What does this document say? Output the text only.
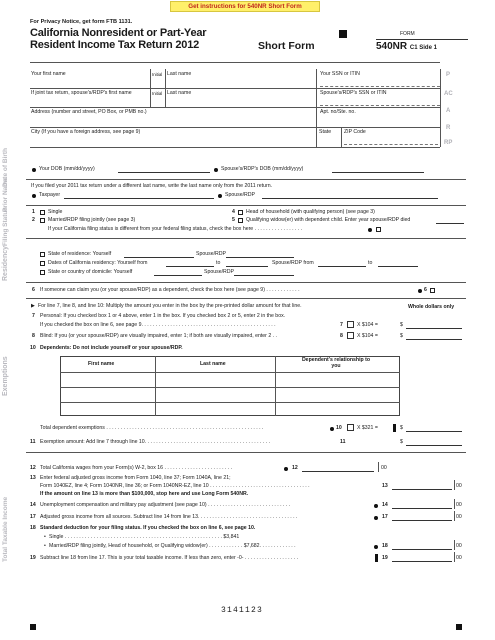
Get instructions for 540NR Short Form
For Privacy Notice, get form FTB 1131.
California Nonresident or Part-Year
Resident Income Tax Return 2012	Short Form
FORM
540NR C1 Side 1
Your first name	Initial Last name	Your SSN or ITIN
If joint tax return, spouse's/RDP's first name	Initial Last name	Spouse's/RDP's SSN or ITIN
Address (number and street, PO Box, or PMB no.)	Apt. no/Ste. no.
City (If you have a foreign address, see page 9)	State ZIP Code
P
AC
A
R
RP
Date of Birth	Your DOB (mm/dd/yyyy)	Spouse's/RDP's DOB (mm/dd/yyyy)
Prior Name	If you filed your 2011 tax return under a different last name, write the last name only from the 2011 return.
Taxpayer	Spouse/RDP
Filing Status	1	Single	4 Head of household (with qualifying person) (see page 3)
2	Married/RDP filing jointly (see page 3)	5 Qualifying widow(er) with dependent child. Enter year spouse/RDP died
If your California filing status is different from your federal filing status, check the box here . . . . . . . . . . . . . . . . .
Residency	State of residence: Yourself	Spouse/RDP
Dates of California residency: Yourself from	to	Spouse/RDP from	to
State or country of domicile: Yourself	Spouse/RDP
6 If someone can claim you (or your spouse/RDP) as a dependent, check the box here (see page 9) . . . . . . . . . . . .	6
Exemptions
▶ For line 7, line 8, and line 10: Multiply the amount you enter in the box by the pre-printed dollar amount for that line.	Whole dollars only
7 Personal: If you checked box 1 or 4 above, enter 1 in the box. If you checked box 2 or 5, enter 2 in the box.
If you checked the box on line 6, see page 9. . . . . . . . . . . . . . . . . . . . . . . . . . . . . . . . . . . . . . . . . . . . . . .	7	X $104 =	$
8 Blind: If you (or your spouse/RDP) are visually impaired, enter 1; if both are visually impaired, enter 2 . .	8	X $104 =	$
10 Dependents: Do not include yourself or your spouse/RDP.
First name	Last name
Dependent's relationship to you
Total dependent exemptions . . . . . . . . . . . . . . . . . . . . . . . . . . . . . . . . . . . . . . . . . . . . . . . . . . . . . . .	10	X $321 =	$
11 Exemption amount: Add line 7 through line 10. . . . . . . . . . . . . . . . . . . . . . . . . . . . . . . . . . . . . . . . . . . .	11	$
Total Taxable Income
12 Total California wages from your Form(s) W-2, box 16 . . . . . . . . . . . . . . . . . . . . . . . .	12	00
13 Enter federal adjusted gross income from Form 1040, line 37; Form 1040A, line 21;
Form 1040EZ, line 4; Form 1040NR, line 36; or Form 1040NR-EZ, line 10 . . . . . . . . . . . . . . . . . . . . . . . . . . . . . . . . . . .
If the amount on line 13 is more than $100,000, stop here and use Long Form 540NR.
13	00
14 Unemployment compensation and military pay adjustment (see page 10) . . . . . . . . . . . . . . . . . . . . . . . . . . . . .	14	00
17 Adjusted gross income from all sources. Subtract line 14 from line 13. . . . . . . . . . . . . . . . . . . . . . . . . . . . . . . . . . .	17	00
18 Standard deduction for your filing status. If you checked the box on line 6, see page 10.
• Single . . . . . . . . . . . . . . . . . . . . . . . . . . . . . . . . . . . . . . . . . . . . . . . . . . . . . . . $3,841
• Married/RDP filing jointly, Head of household, or Qualifying widow(er) . . . . . . . . . . . . $7,682. . . . . . . . . . . . .	18	00
19 Subtract line 18 from line 17. This is your total taxable income. If less than zero, enter -0- . . . . . . . . . . . . . . . . . . .	19	00
3141123
